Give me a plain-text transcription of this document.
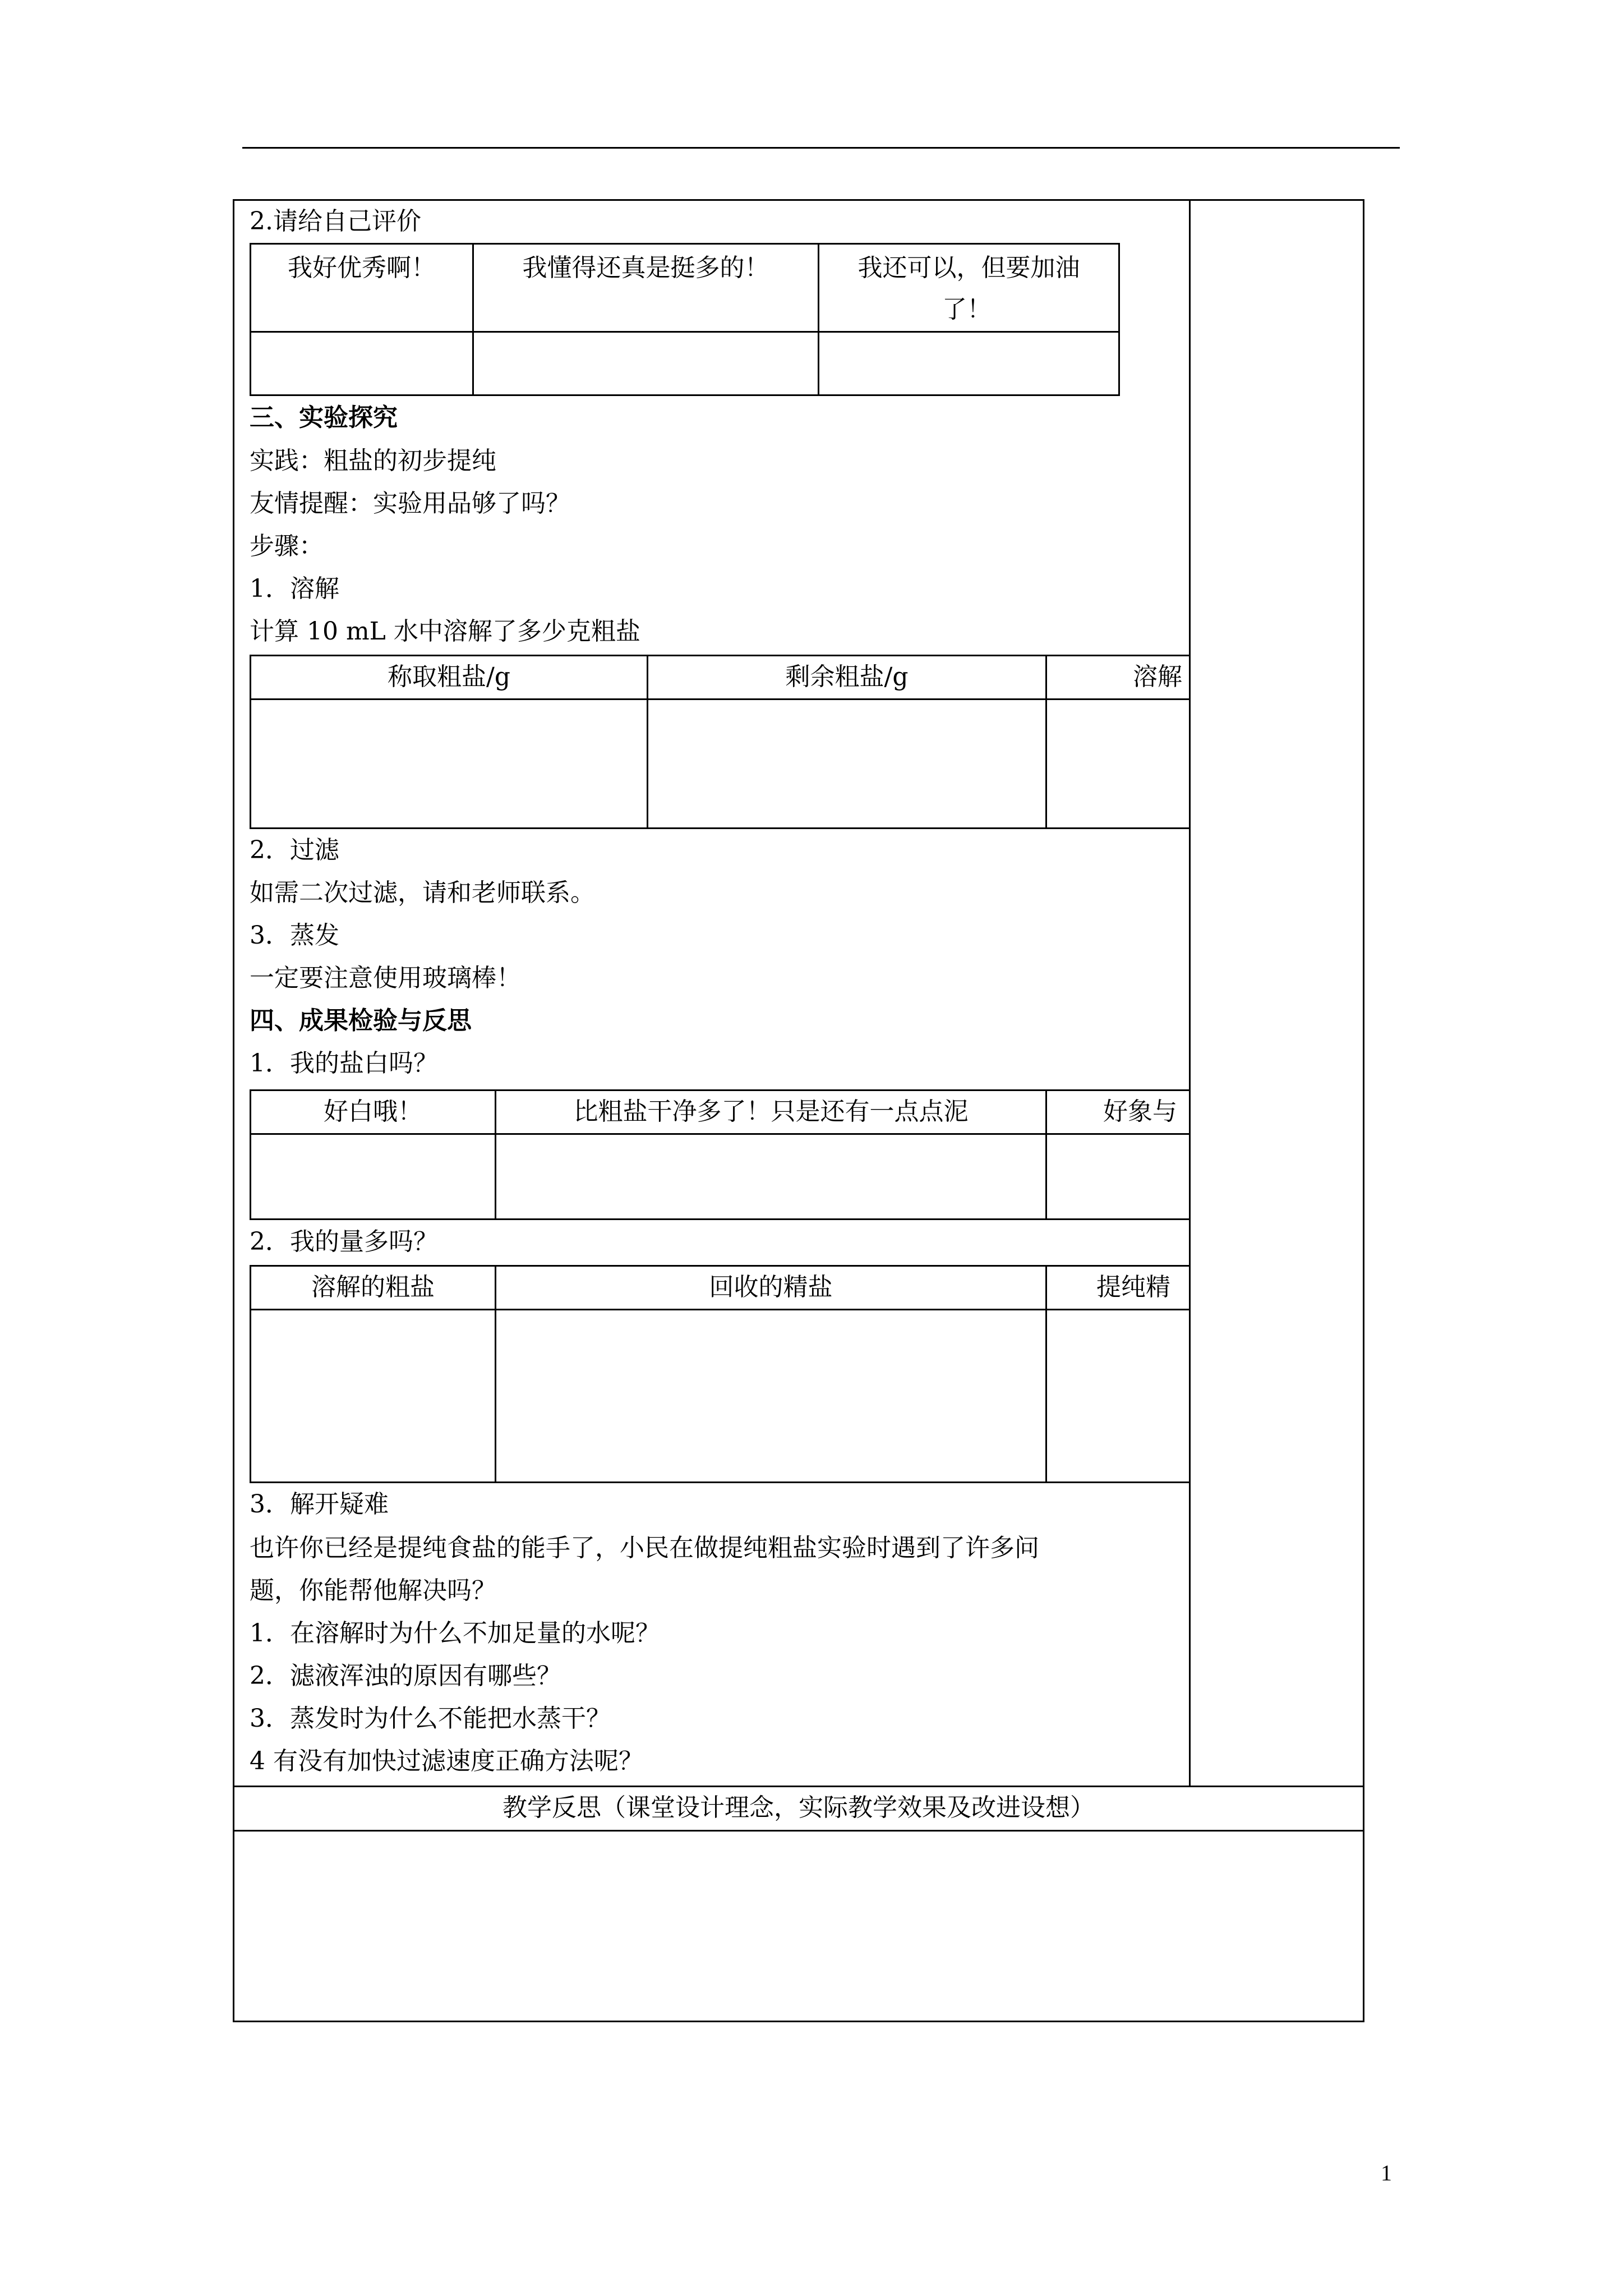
2.请给自己评价
我好优秀啊！	我懂得还真是挺多的！	我还可以，但要加油
了！
三、实验探究
实践：粗盐的初步提纯
友情提醒：实验用品够了吗？
步骤：
1．溶解
计算 10 mL 水中溶解了多少克粗盐
称取粗盐/g	剩余粗盐/g	溶解
2．过滤
如需二次过滤，请和老师联系。
3．蒸发
一定要注意使用玻璃棒！
四、成果检验与反思
1．我的盐白吗？
好白哦！	比粗盐干净多了！只是还有一点点泥	好象与
2．我的量多吗？
溶解的粗盐	回收的精盐	提纯精
3．解开疑难
也许你已经是提纯食盐的能手了，小民在做提纯粗盐实验时遇到了许多问
题，你能帮他解决吗？
1．在溶解时为什么不加足量的水呢？
2．滤液浑浊的原因有哪些？
3．蒸发时为什么不能把水蒸干？
4 有没有加快过滤速度正确方法呢？
教学反思（课堂设计理念，实际教学效果及改进设想）
1
